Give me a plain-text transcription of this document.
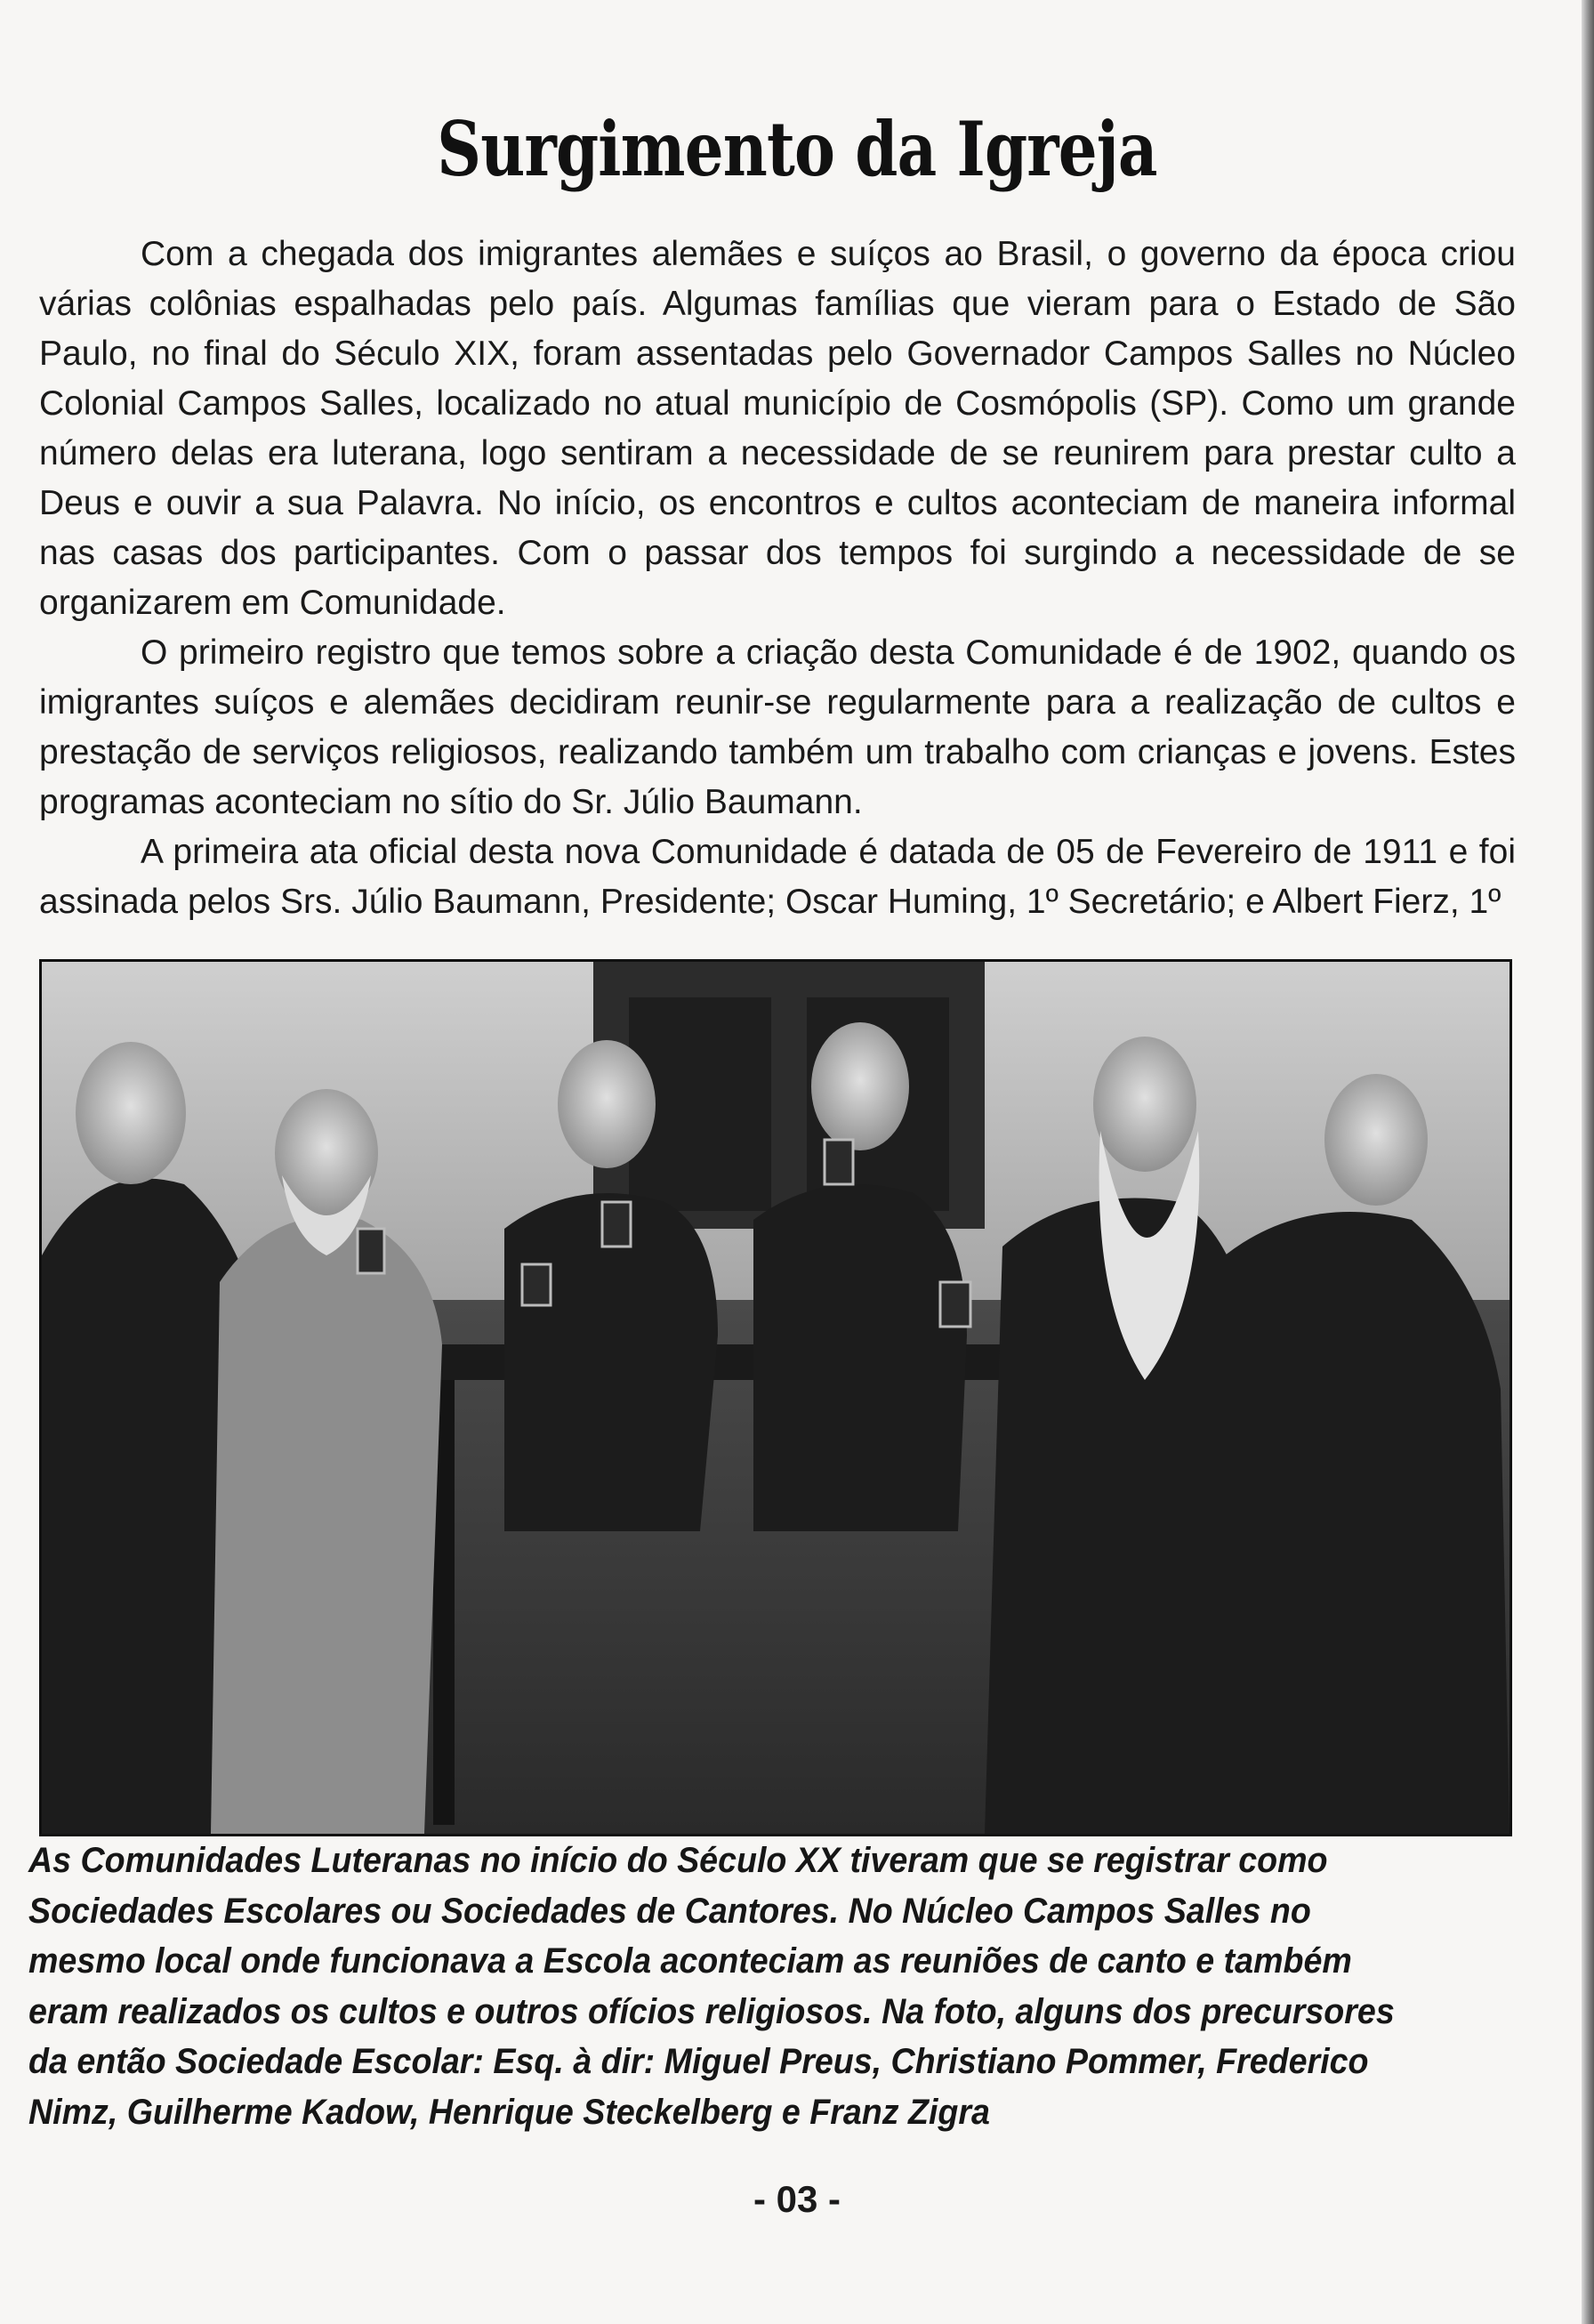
Surgimento da Igreja

Com a chegada dos imigrantes alemães e suíços ao Brasil, o governo da época criou várias colônias espalhadas pelo país. Algumas famílias que vieram para o Estado de São Paulo, no final do Século XIX, foram assentadas pelo Governador Campos Salles no Núcleo Colonial Campos Salles, localizado no atual município de Cosmópolis (SP). Como um grande número delas era luterana, logo sentiram a necessidade de se reunirem para prestar culto a Deus e ouvir a sua Palavra. No início, os encontros e cultos aconteciam de maneira informal nas casas dos participantes. Com o passar dos tempos foi surgindo a necessidade de se organizarem em Comunidade.

O primeiro registro que temos sobre a criação desta Comunidade é de 1902, quando os imigrantes suíços e alemães decidiram reunir-se regularmente para a realização de cultos e prestação de serviços religiosos, realizando também um trabalho com crianças e jovens. Estes programas aconteciam no sítio do Sr. Júlio Baumann.

A primeira ata oficial desta nova Comunidade é datada de 05 de Fevereiro de 1911 e foi assinada pelos Srs. Júlio Baumann, Presidente; Oscar Huming, 1º Secretário; e Albert Fierz, 1º

As Comunidades Luteranas no início do Século XX tiveram que se registrar como Sociedades Escolares ou Sociedades de Cantores. No Núcleo Campos Salles no mesmo local onde funcionava a Escola aconteciam as reuniões de canto e também eram realizados os cultos e outros ofícios religiosos. Na foto, alguns dos precursores da então Sociedade Escolar: Esq. à dir: Miguel Preus, Christiano Pommer, Frederico Nimz, Guilherme Kadow, Henrique Steckelberg e Franz Zigra
- 03 -
